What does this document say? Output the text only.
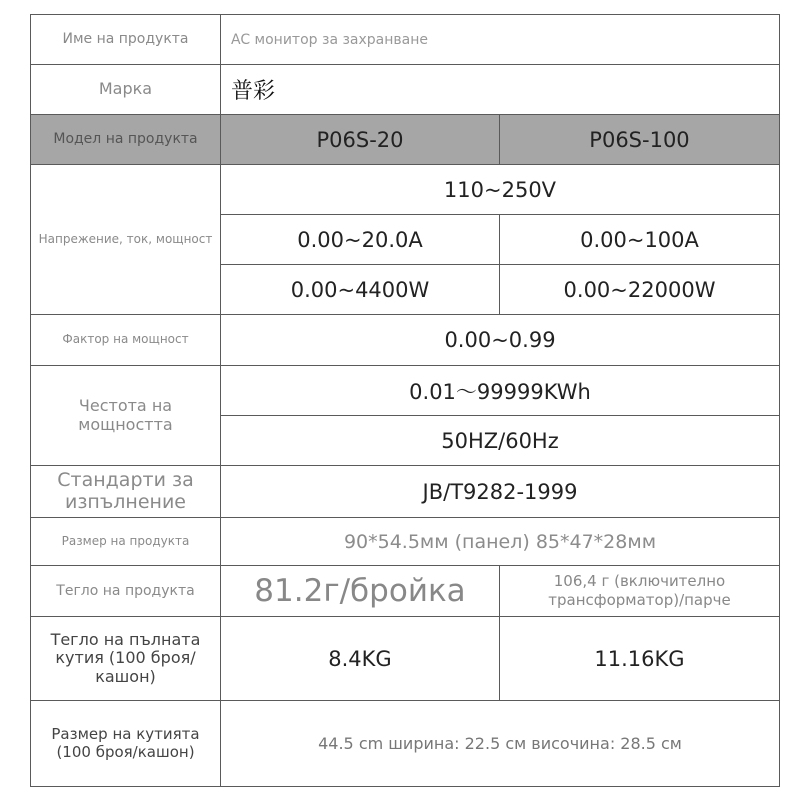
Име на продукта	AC монитор за захранване	
Марка	普彩	
Модел на продукта	P06S-20	P06S-100
Напрежение, ток, мощност	110~250V	
	0.00~20.0A	0.00~100A
	0.00~4400W	0.00~22000W
Фактор на мощност	0.00~0.99	
Честота на мощността	0.01～99999KWh	
	50HZ/60Hz	
Стандарти за изпълнение	JB/T9282-1999	
Размер на продукта	90*54.5мм (панел) 85*47*28мм	
Тегло на продукта	81.2г/бройка	106,4 г (включително трансформатор)/парче
Тегло на пълната кутия (100 броя/кашон)	8.4KG	11.16KG
Размер на кутията (100 броя/кашон)	44.5 cm ширина: 22.5 см височина: 28.5 см	
